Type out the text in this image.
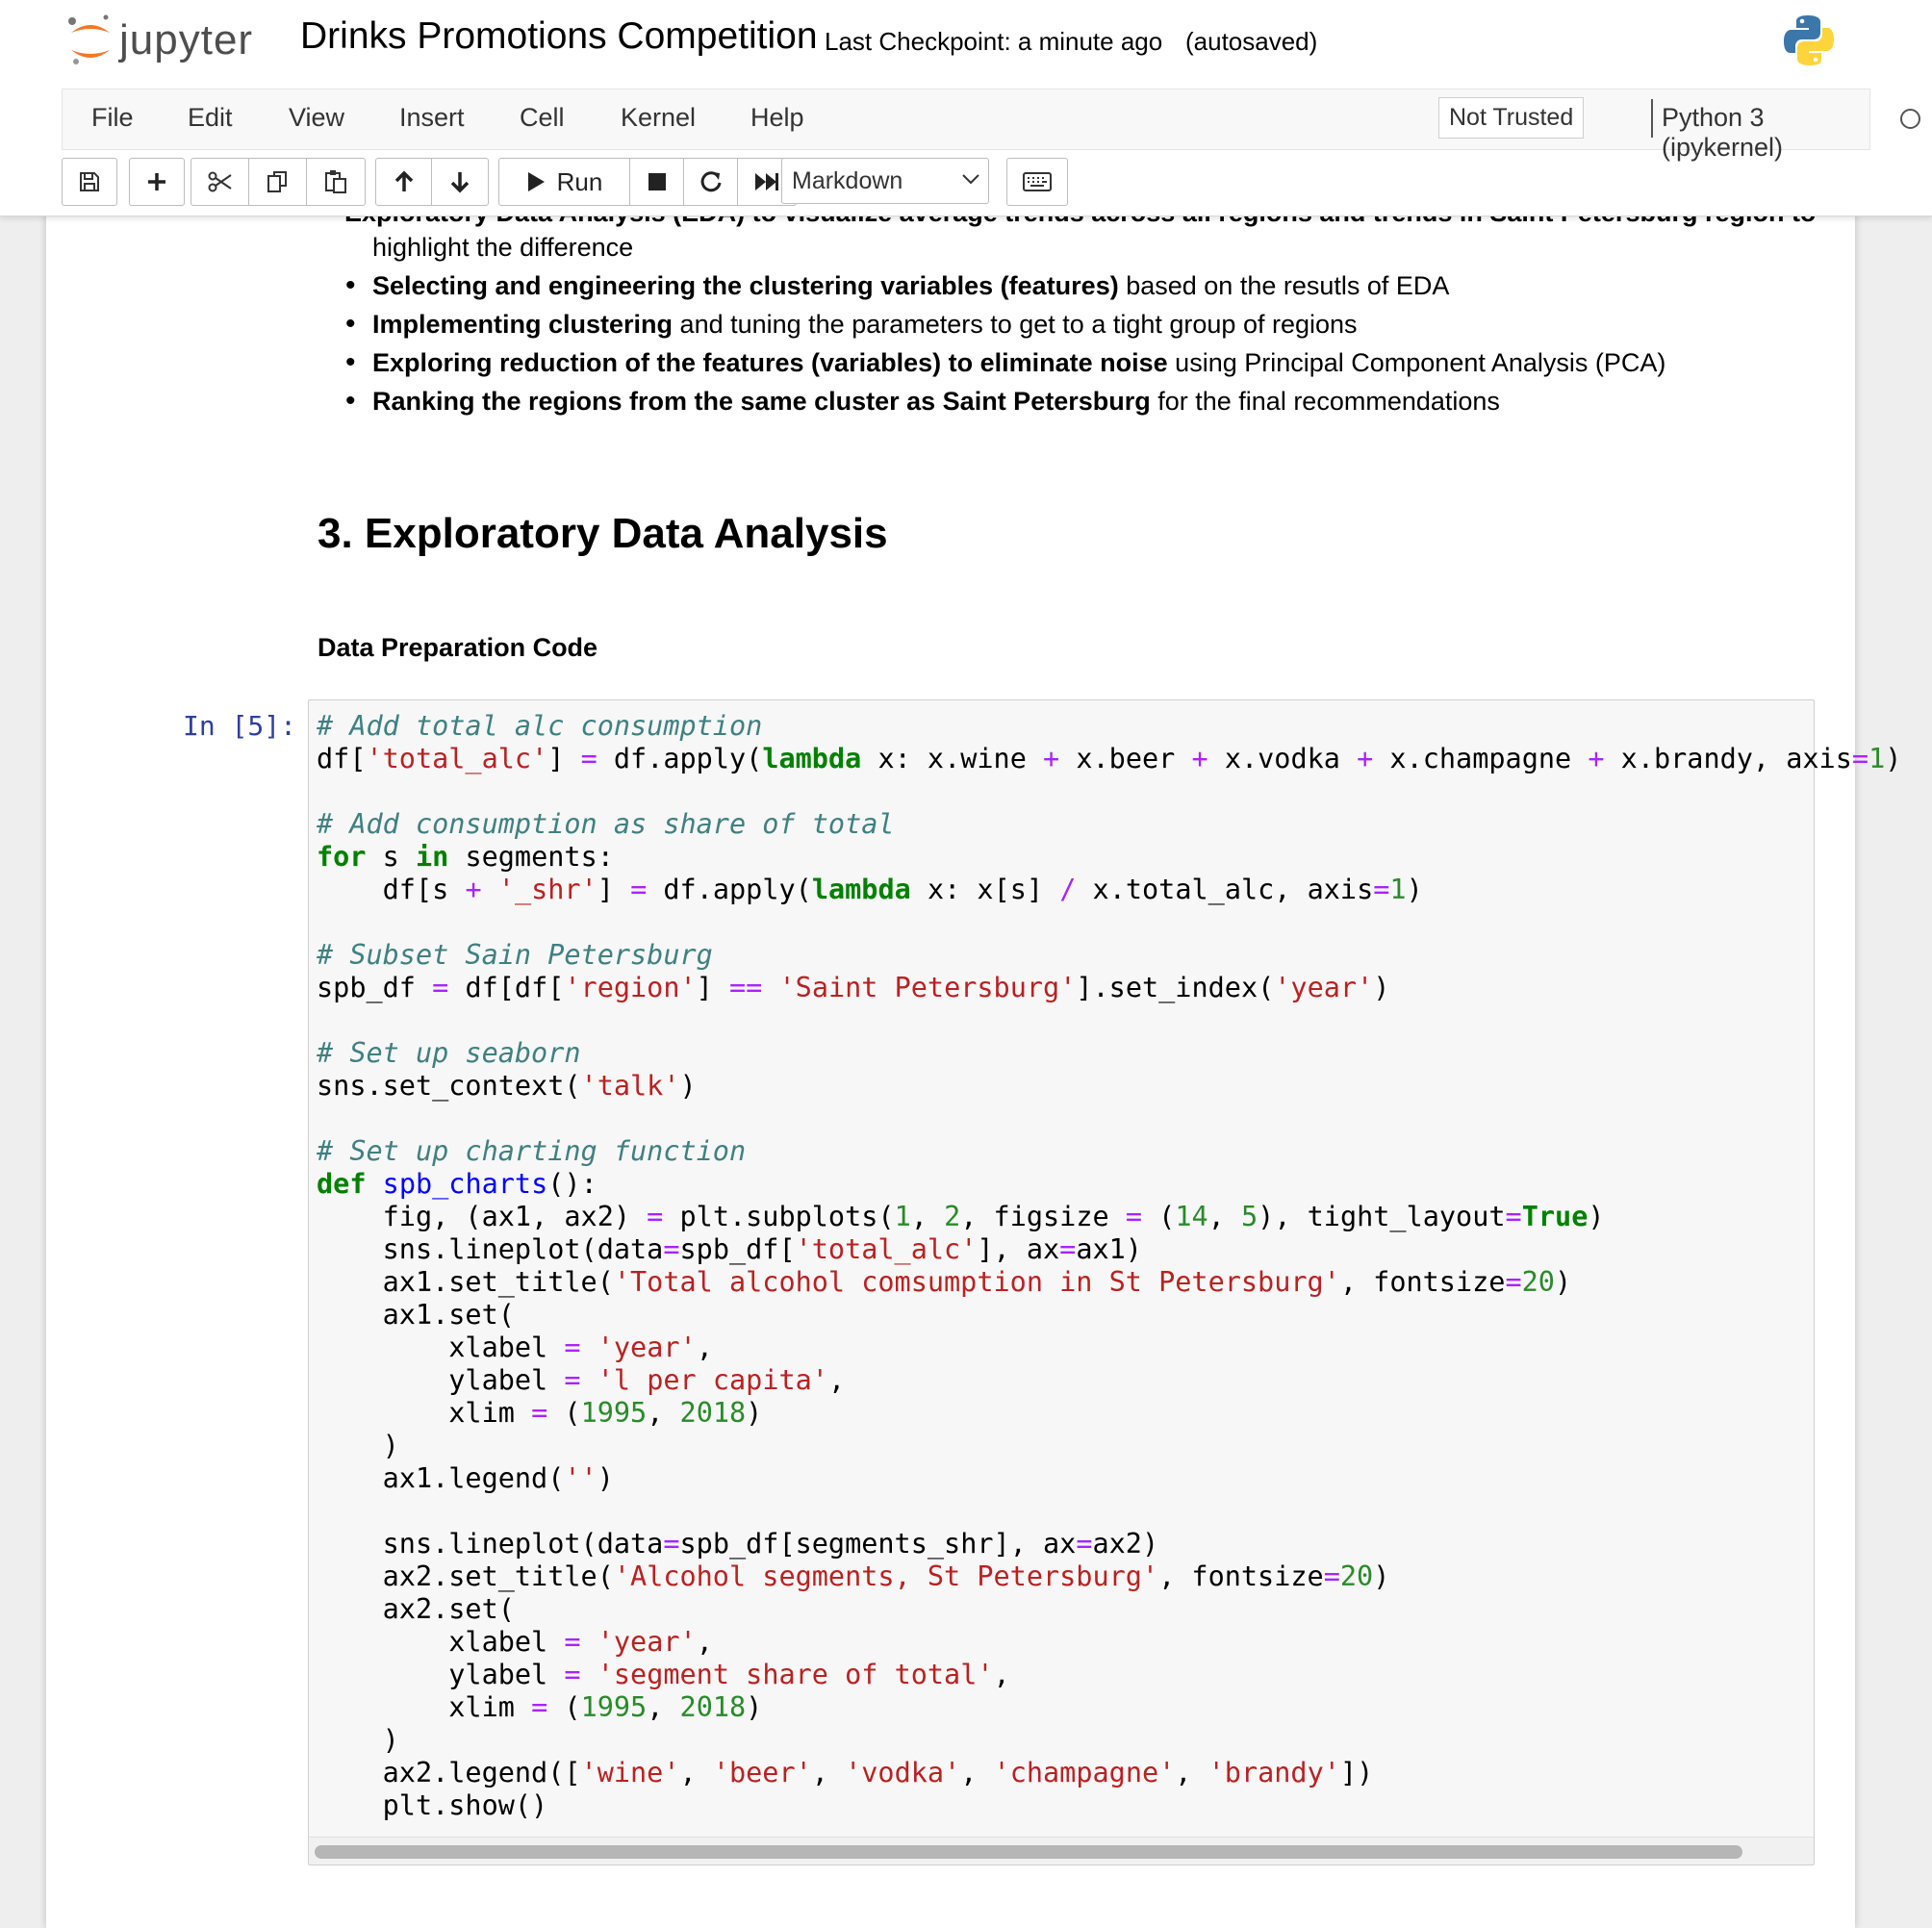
•
highlight the difference
• Selecting and engineering the clustering variables (features) based on the resutls of EDA
• Implementing clustering and tuning the parameters to get to a tight group of regions
• Exploring reduction of the features (variables) to eliminate noise using Principal Component Analysis (PCA)
• Ranking the regions from the same cluster as Saint Petersburg for the final recommendations
3. Exploratory Data Analysis
Data Preparation Code
In [5]: # Add total alc consumption
df['total_alc'] = df.apply(lambda x: x.wine + x.beer + x.vodka + x.champagne + x.brandy, axis=1)

# Add consumption as share of total
for s in segments:
df[s + '_shr'] = df.apply(lambda x: x[s] / x.total_alc, axis=1)

# Subset Sain Petersburg
spb_df = df[df['region'] == 'Saint Petersburg'].set_index('year')

# Set up seaborn
sns.set_context('talk')

# Set up charting function
def spb_charts():
fig, (ax1, ax2) = plt.subplots(1, 2, figsize = (14, 5), tight_layout=True)
sns.lineplot(data=spb_df['total_alc'], ax=ax1)
ax1.set_title('Total alcohol comsumption in St Petersburg', fontsize=20)
ax1.set(
xlabel = 'year',
ylabel = 'l per capita',
xlim = (1995, 2018)
)
ax1.legend('')

sns.lineplot(data=spb_df[segments_shr], ax=ax2)
ax2.set_title('Alcohol segments, St Petersburg', fontsize=20)
ax2.set(
xlabel = 'year',
ylabel = 'segment share of total',
xlim = (1995, 2018)
)
ax2.legend(['wine', 'beer', 'vodka', 'champagne', 'brandy'])
plt.show()
jupyter Drinks Promotions Competition Last Checkpoint: a minute ago (autosaved)
File Edit View Insert Cell Kernel Help	Not Trusted	Python 3 (ipykernel)
Run	Markdown
